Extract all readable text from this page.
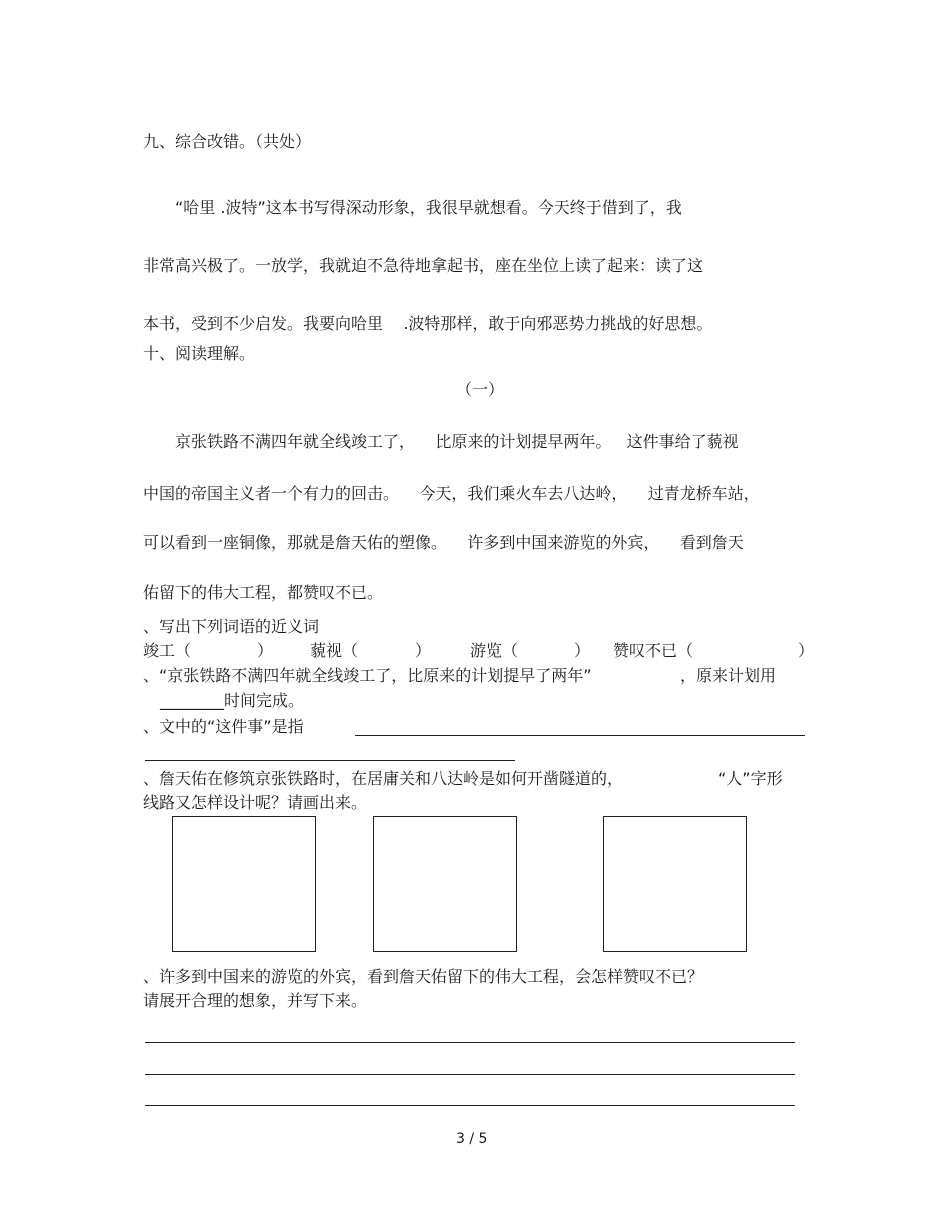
九、综合改错。（共处）
“哈里 .波特”这本书写得深动形象，我很早就想看。今天终于借到了，我
非常高兴极了。一放学，我就迫不急待地拿起书，座在坐位上读了起来：读了这
本书，受到不少启发。我要向哈里    .波特那样，敢于向邪恶势力挑战的好思想。
十、阅读理解。
（一）
京张铁路不满四年就全线竣工了，    比原来的计划提早两年。   这件事给了藐视
中国的帝国主义者一个有力的回击。    今天，我们乘火车去八达岭，    过青龙桥车站，
可以看到一座铜像，那就是詹天佑的塑像。    许多到中国来游览的外宾，    看到詹天
佑留下的伟大工程，都赞叹不已。
、写出下列词语的近义词
竣工（	） 藐视（	） 游览（	） 赞叹不已（	）
、“京张铁路不满四年就全线竣工了，比原来的计划提早了两年”	，原来计划用
________时间完成。
、文中的“这件事”是指
、詹天佑在修筑京张铁路时，在居庸关和八达岭是如何开凿隧道的，	“人”字形
线路又怎样设计呢？请画出来。
、许多到中国来的游览的外宾，看到詹天佑留下的伟大工程，会怎样赞叹不已？
请展开合理的想象，并写下来。
3 / 5
